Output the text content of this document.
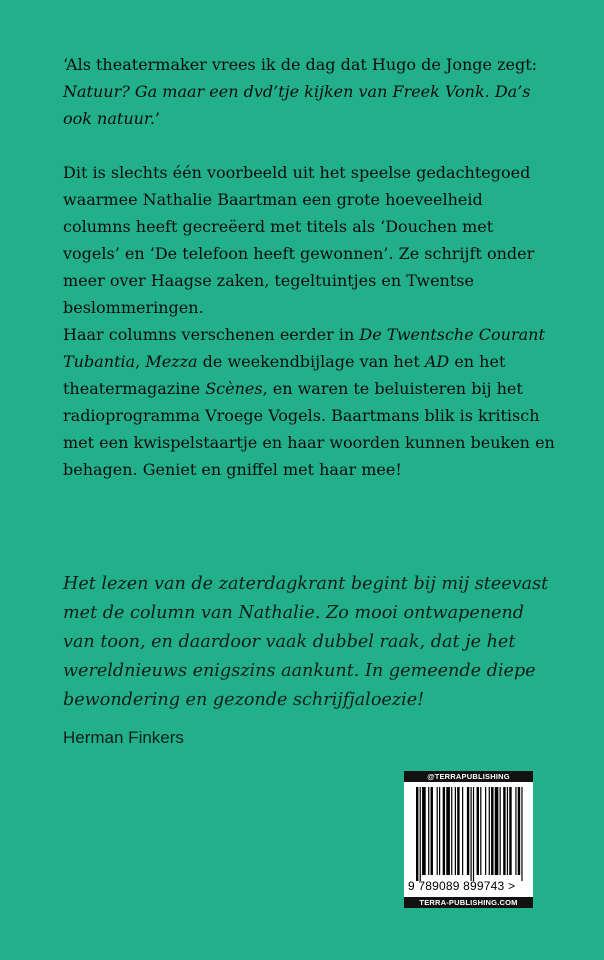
‘Als theatermaker vrees ik de dag dat Hugo de Jonge zegt:
Natuur? Ga maar een dvd’tje kijken van Freek Vonk. Da’s ook natuur.’

Dit is slechts één voorbeeld uit het speelse gedachtegoed waarmee Nathalie Baartman een grote hoeveelheid columns heeft gecreëerd met titels als ‘Douchen met vogels’ en ‘De telefoon heeft gewonnen’. Ze schrijft onder meer over Haagse zaken, tegeltuintjes en Twentse beslommeringen.

Haar columns verschenen eerder in De Twentsche Courant Tubantia, Mezza de weekendbijlage van het AD en het theatermagazine Scènes, en waren te beluisteren bij het radioprogramma Vroege Vogels. Baartmans blik is kritisch met een kwispelstaartje en haar woorden kunnen beuken en behagen. Geniet en gniffel met haar mee!

Het lezen van de zaterdagkrant begint bij mij steevast met de column van Nathalie. Zo mooi ontwapenend van toon, en daardoor vaak dubbel raak, dat je het wereldnieuws enigszins aankunt. In gemeende diepe bewondering en gezonde schrijfjaloezie!
Herman Finkers
@TERRAPUBLISHING
9 789089 899743 >
TERRA-PUBLISHING.COM
